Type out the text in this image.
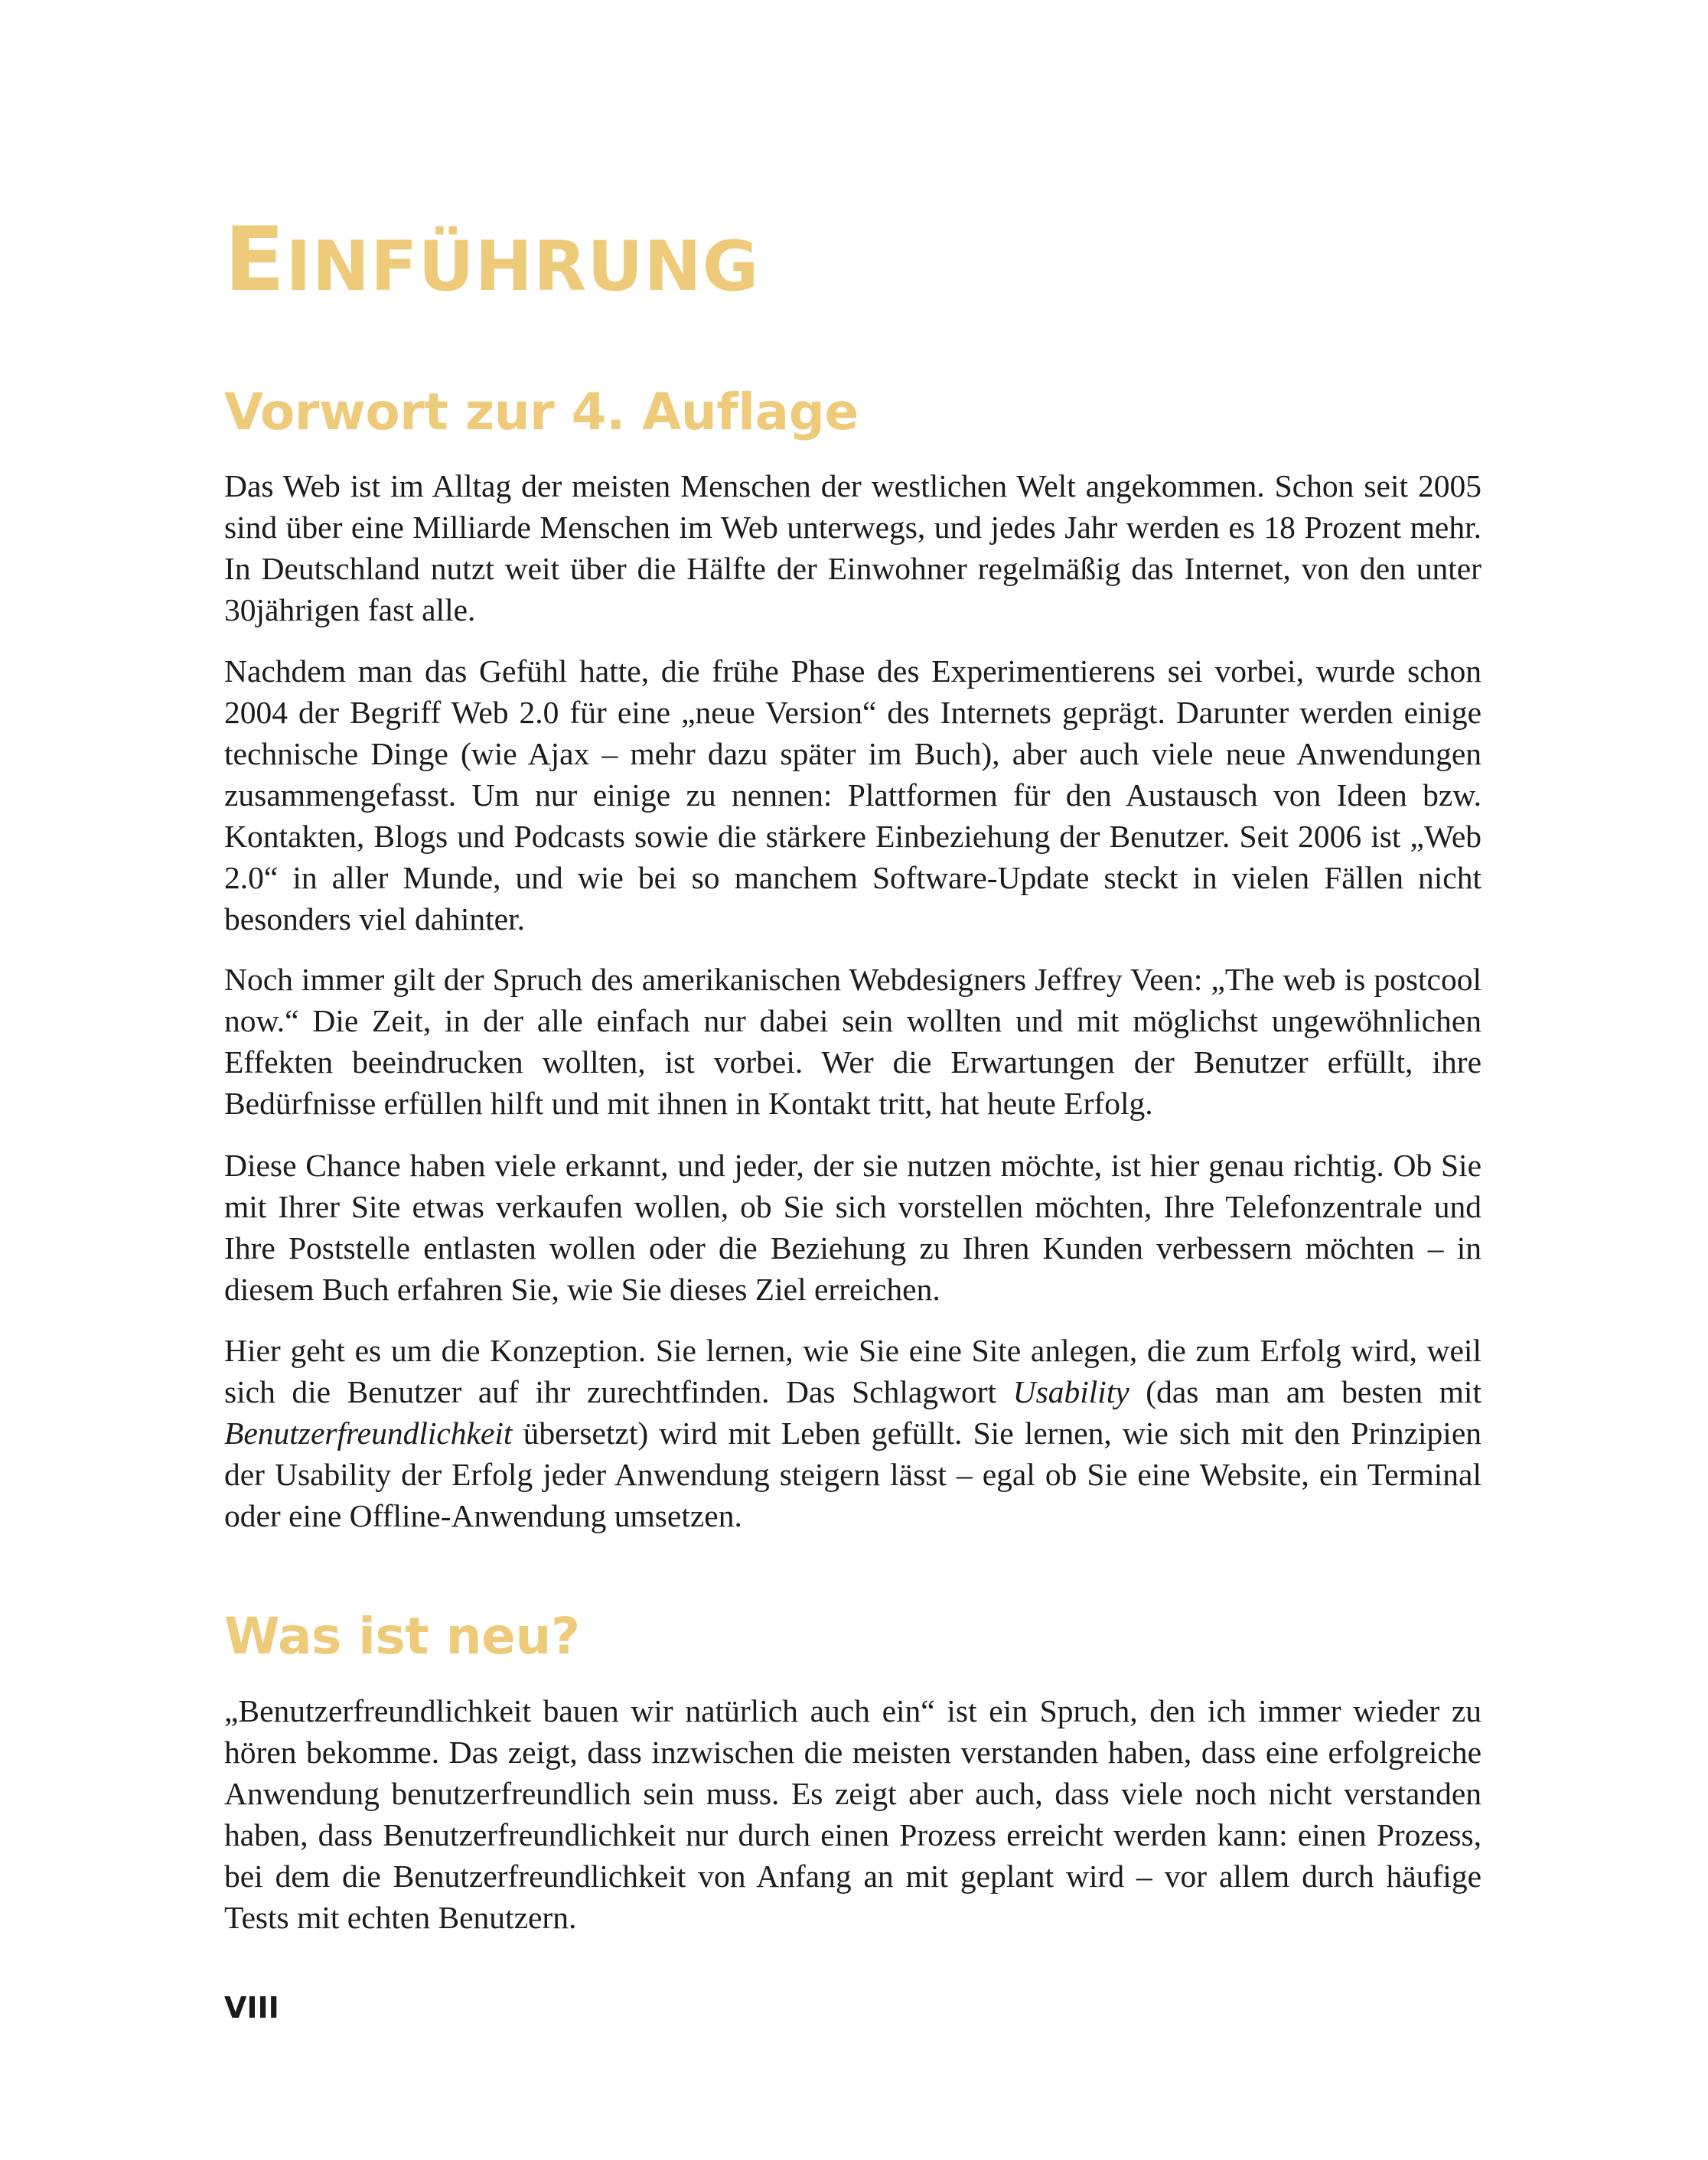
EINFÜHRUNG
Vorwort zur 4. Auflage

Das Web ist im Alltag der meisten Menschen der westlichen Welt angekommen. Schon seit 2005 sind über eine Milliarde Menschen im Web unterwegs, und jedes Jahr werden es 18 Prozent mehr. In Deutschland nutzt weit über die Hälfte der Einwohner regelmäßig das Internet, von den unter 30jährigen fast alle.

Nachdem man das Gefühl hatte, die frühe Phase des Experimentierens sei vorbei, wurde schon 2004 der Begriff Web 2.0 für eine „neue Version“ des Internets geprägt. Darunter werden einige technische Dinge (wie Ajax – mehr dazu später im Buch), aber auch viele neue Anwendungen zusammengefasst. Um nur einige zu nennen: Plattformen für den Austausch von Ideen bzw. Kontakten, Blogs und Podcasts sowie die stärkere Einbeziehung der Benutzer. Seit 2006 ist „Web 2.0“ in aller Munde, und wie bei so manchem Software-Update steckt in vielen Fällen nicht besonders viel dahinter.

Noch immer gilt der Spruch des amerikanischen Webdesigners Jeffrey Veen: „The web is postcool now.“ Die Zeit, in der alle einfach nur dabei sein wollten und mit möglichst ungewöhnlichen Effekten beeindrucken wollten, ist vorbei. Wer die Erwartungen der Benutzer erfüllt, ihre Bedürfnisse erfüllen hilft und mit ihnen in Kontakt tritt, hat heute Erfolg.

Diese Chance haben viele erkannt, und jeder, der sie nutzen möchte, ist hier genau richtig. Ob Sie mit Ihrer Site etwas verkaufen wollen, ob Sie sich vorstellen möchten, Ihre Telefonzentrale und Ihre Poststelle entlasten wollen oder die Beziehung zu Ihren Kunden verbessern möchten – in diesem Buch erfahren Sie, wie Sie dieses Ziel erreichen.

Hier geht es um die Konzeption. Sie lernen, wie Sie eine Site anlegen, die zum Erfolg wird, weil sich die Benutzer auf ihr zurechtfinden. Das Schlagwort Usability (das man am besten mit Benutzerfreundlichkeit übersetzt) wird mit Leben gefüllt. Sie lernen, wie sich mit den Prinzipien der Usability der Erfolg jeder Anwendung steigern lässt – egal ob Sie eine Website, ein Terminal oder eine Offline-Anwendung umsetzen.

Was ist neu?

„Benutzerfreundlichkeit bauen wir natürlich auch ein“ ist ein Spruch, den ich immer wieder zu hören bekomme. Das zeigt, dass inzwischen die meisten verstanden haben, dass eine erfolgreiche Anwendung benutzerfreundlich sein muss. Es zeigt aber auch, dass viele noch nicht verstanden haben, dass Benutzerfreundlichkeit nur durch einen Prozess erreicht werden kann: einen Prozess, bei dem die Benutzerfreundlichkeit von Anfang an mit geplant wird – vor allem durch häufige Tests mit echten Benutzern.

VIII
